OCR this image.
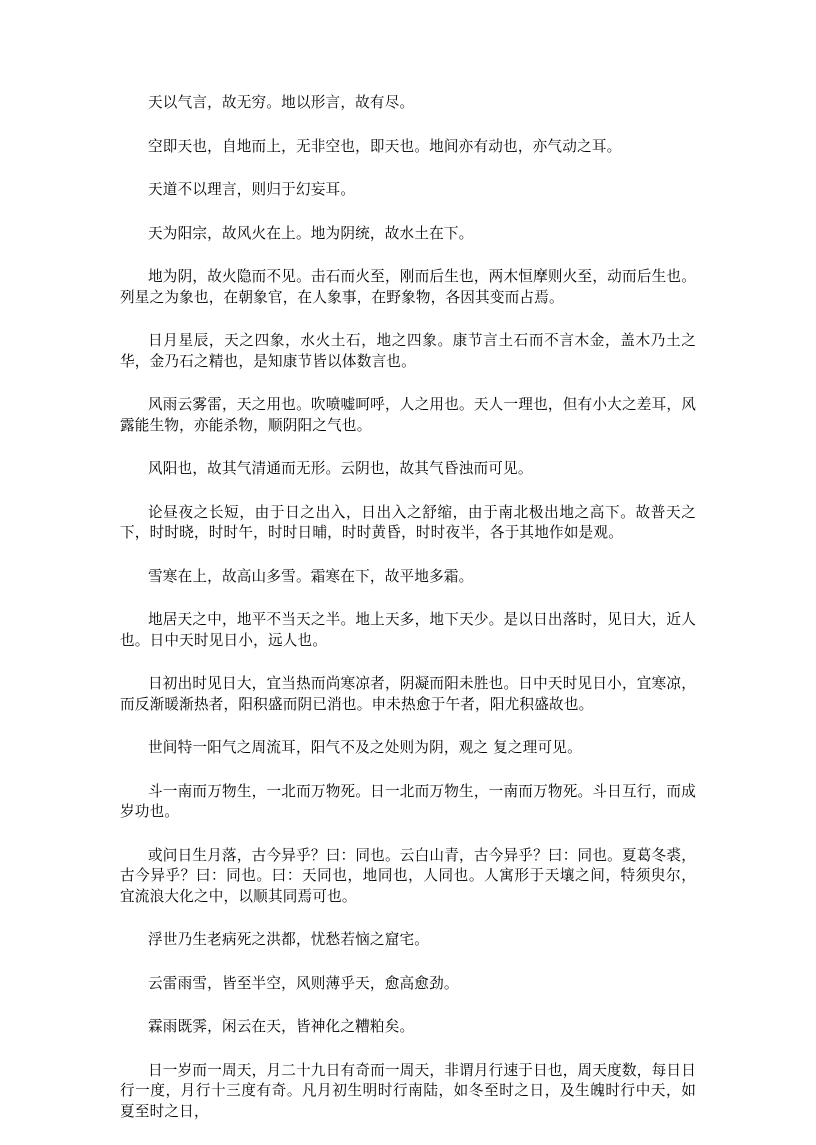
天以气言，故无穷。地以形言，故有尽。

空即天也，自地而上，无非空也，即天也。地间亦有动也，亦气动之耳。

天道不以理言，则归于幻妄耳。

天为阳宗，故风火在上。地为阴统，故水土在下。

地为阴，故火隐而不见。击石而火至，刚而后生也，两木恒摩则火至，动而后生也。列星之为象也，在朝象官，在人象事，在野象物，各因其变而占焉。

日月星辰，天之四象，水火土石，地之四象。康节言土石而不言木金，盖木乃土之华，金乃石之精也，是知康节皆以体数言也。

风雨云雾雷，天之用也。吹喷嘘呵呼，人之用也。天人一理也，但有小大之差耳，风露能生物，亦能杀物，顺阴阳之气也。

风阳也，故其气清通而无形。云阴也，故其气昏浊而可见。

论昼夜之长短，由于日之出入，日出入之舒缩，由于南北极出地之高下。故普天之下，时时晓，时时午，时时日晡，时时黄昏，时时夜半，各于其地作如是观。

雪寒在上，故高山多雪。霜寒在下，故平地多霜。

地居天之中，地平不当天之半。地上天多，地下天少。是以日出落时，见日大，近人也。日中天时见日小，远人也。

日初出时见日大，宜当热而尚寒凉者，阴凝而阳未胜也。日中天时见日小，宜寒凉，而反渐暖渐热者，阳积盛而阴已消也。申未热愈于午者，阳尤积盛故也。

世间特一阳气之周流耳，阳气不及之处则为阴，观之 复之理可见。

斗一南而万物生，一北而万物死。日一北而万物生，一南而万物死。斗日互行，而成岁功也。

或问日生月落，古今异乎？曰：同也。云白山青，古今异乎？曰：同也。夏葛冬裘，古今异乎？曰：同也。曰：天同也，地同也，人同也。人寓形于天壤之间，特须臾尔，宜流浪大化之中，以顺其同焉可也。

浮世乃生老病死之洪都，忧愁若恼之窟宅。

云雷雨雪，皆至半空，风则薄乎天，愈高愈劲。

霖雨既霁，闲云在天，皆神化之糟粕矣。

日一岁而一周天，月二十九日有奇而一周天，非谓月行速于日也，周天度数，每日日行一度，月行十三度有奇。凡月初生明时行南陆，如冬至时之日，及生魄时行中天，如夏至时之日，
